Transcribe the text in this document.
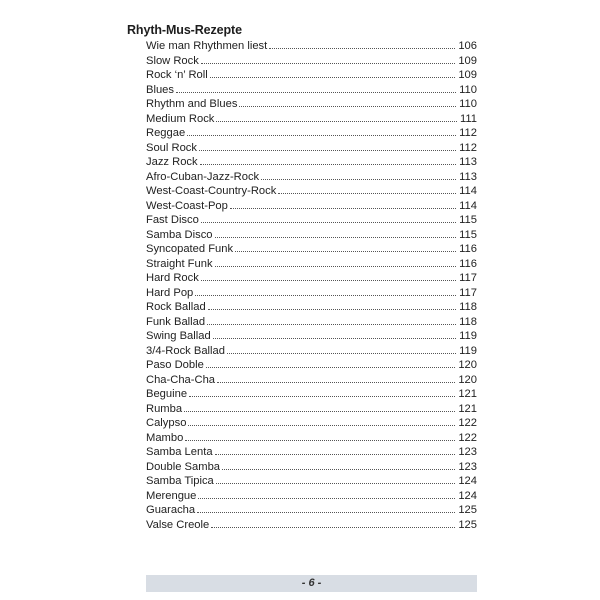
Rhyth-Mus-Rezepte
Wie man Rhythmen liest	106
Slow Rock	109
Rock ‘n’ Roll	109
Blues	110
Rhythm and Blues	110
Medium Rock	111
Reggae	112
Soul Rock	112
Jazz Rock	113
Afro-Cuban-Jazz-Rock	113
West-Coast-Country-Rock	114
West-Coast-Pop	114
Fast Disco	115
Samba Disco	115
Syncopated Funk	116
Straight Funk	116
Hard Rock	117
Hard Pop	117
Rock Ballad	118
Funk Ballad	118
Swing Ballad	119
3/4-Rock Ballad	119
Paso Doble	120
Cha-Cha-Cha	120
Beguine	121
Rumba	121
Calypso	122
Mambo	122
Samba Lenta	123
Double Samba	123
Samba Tipica	124
Merengue	124
Guaracha	125
Valse Creole	125
- 6 -
